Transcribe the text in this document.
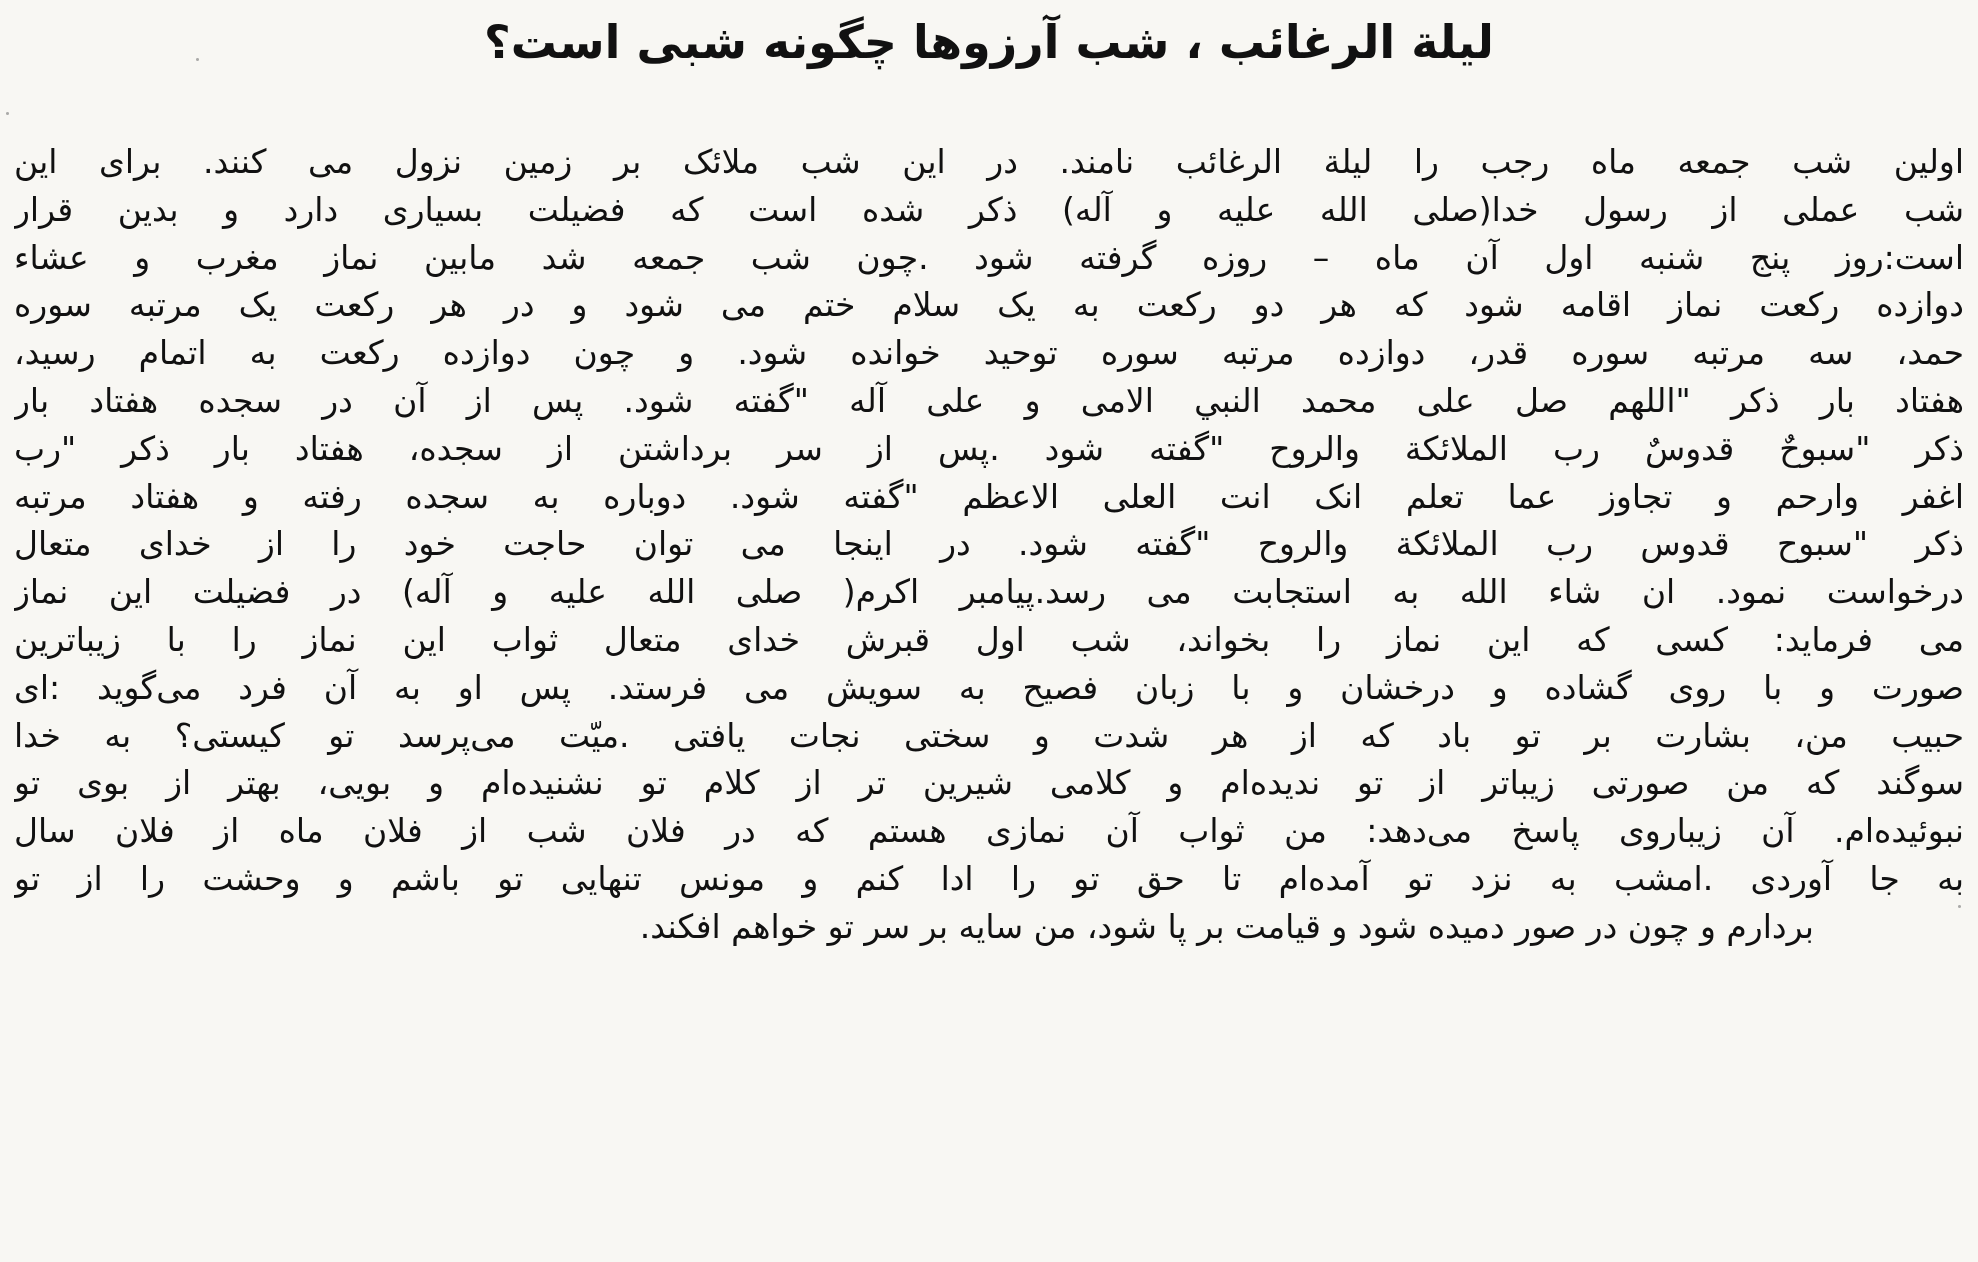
لیلة الرغائب ، شب آرزوها چگونه شبی است؟
اولین شب جمعه ماه رجب را لیلة الرغائب نامند. در این شب ملائک بر زمین نزول می کنند. برای این
شب عملی از رسول خدا(صلی الله علیه و آله) ذکر شده است که فضیلت بسیاری دارد و بدین قرار
است:روز پنج شنبه اول آن ماه – روزه گرفته شود .چون شب جمعه شد مابین نماز مغرب و عشاء
دوازده رکعت نماز اقامه شود که هر دو رکعت به یک سلام ختم می شود و در هر رکعت یک مرتبه سوره
حمد، سه مرتبه سوره قدر، دوازده مرتبه سوره توحید خوانده شود. و چون دوازده رکعت به اتمام رسید،
هفتاد بار ذکر "اللهم صل علی محمد النبي الامی و علی آله "گفته شود. پس از آن در سجده هفتاد بار
ذکر "سبوحٌ قدوسٌ رب الملائکة والروح "گفته شود .پس از سر برداشتن از سجده، هفتاد بار ذکر "رب
اغفر وارحم و تجاوز عما تعلم انک انت العلی الاعظم "گفته شود. دوباره به سجده رفته و هفتاد مرتبه
ذکر "سبوح قدوس رب الملائکة والروح "گفته شود. در اینجا می توان حاجت خود را از خدای متعال
درخواست نمود. ان شاء الله به استجابت می رسد.پیامبر اکرم( صلی الله علیه و آله) در فضیلت این نماز
می فرماید: کسی که این نماز را بخواند، شب اول قبرش خدای متعال ثواب این نماز را با زیباترین
صورت و با روی گشاده و درخشان و با زبان فصیح به سویش می فرستد. پس او به آن فرد می‌گوید :ای
حبیب من، بشارت بر تو باد که از هر شدت و سختی نجات یافتی .میّت می‌پرسد تو کیستی؟ به خدا
سوگند که من صورتی زیباتر از تو ندیده‌ام و کلامی شیرین تر از کلام تو نشنیده‌ام و بویی، بهتر از بوی تو
نبوئیده‌ام. آن زیباروی پاسخ می‌دهد: من ثواب آن نمازی هستم که در فلان شب از فلان ماه از فلان سال
به جا آوردی .امشب به نزد تو آمده‌ام تا حق تو را ادا کنم و مونس تنهایی تو باشم و وحشت را از تو
بردارم و چون در صور دمیده شود و قیامت بر پا شود، من سایه بر سر تو خواهم افکند.
